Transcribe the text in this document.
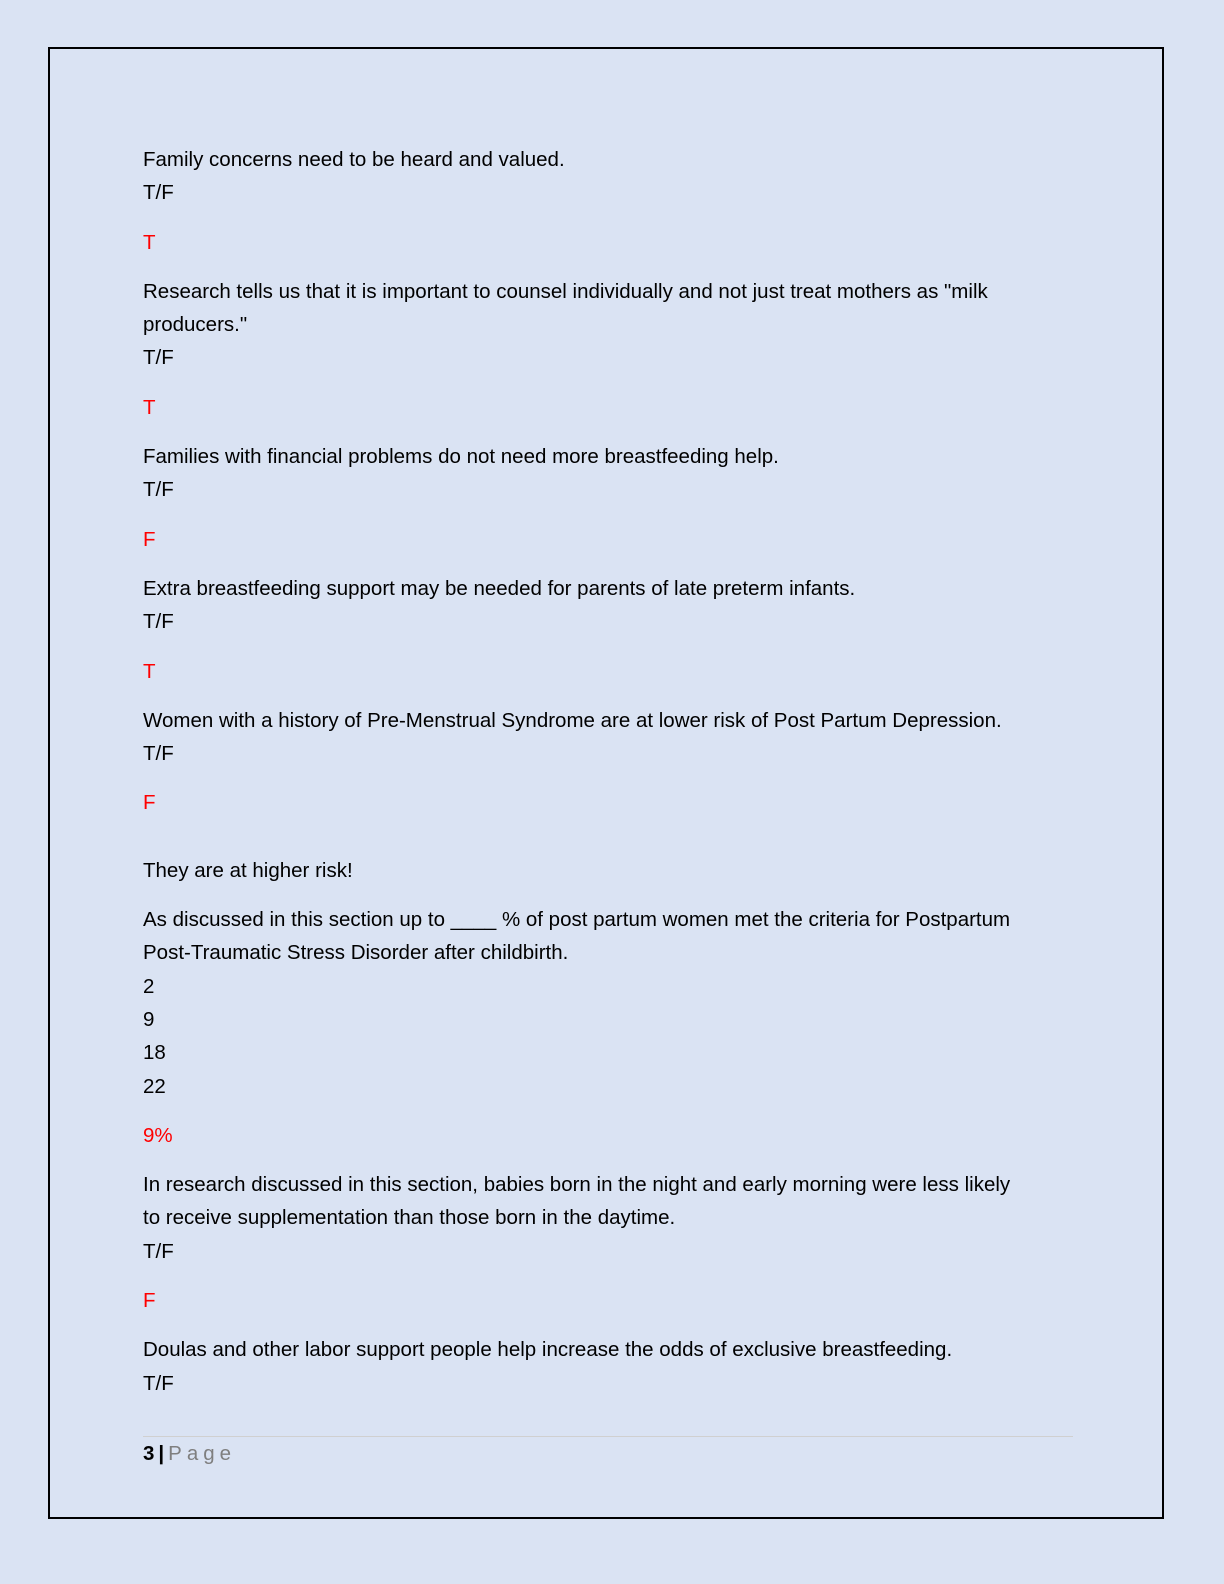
Family concerns need to be heard and valued.
T/F
T
Research tells us that it is important to counsel individually and not just treat mothers as "milk
producers."
T/F
T
Families with financial problems do not need more breastfeeding help.
T/F
F
Extra breastfeeding support may be needed for parents of late preterm infants.
T/F
T
Women with a history of Pre-Menstrual Syndrome are at lower risk of Post Partum Depression.
T/F
F
They are at higher risk!
As discussed in this section up to ____ % of post partum women met the criteria for Postpartum
Post-Traumatic Stress Disorder after childbirth.
2
9
18
22
9%
In research discussed in this section, babies born in the night and early morning were less likely
to receive supplementation than those born in the daytime.
T/F
F
Doulas and other labor support people help increase the odds of exclusive breastfeeding.
T/F
3 | Page
